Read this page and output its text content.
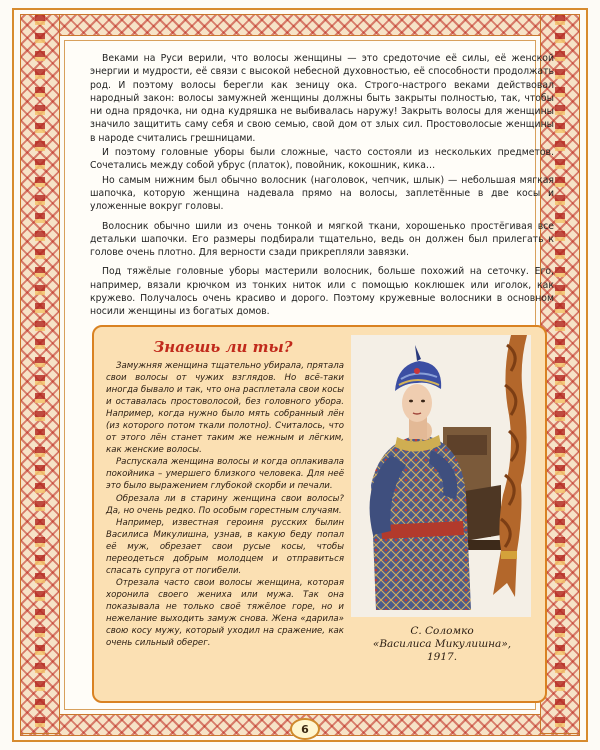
Веками на Руси верили, что волосы женщины — это средоточие её силы, её женской энергии и мудрости, её связи с высокой небесной духовностью, её способности продолжать род. И поэтому волосы берегли как зеницу ока. Строго-настрого веками действовал народный закон: волосы замужней женщины должны быть закрыты полностью, так, чтобы ни одна прядочка, ни одна кудряшка не выбивалась наружу! Закрыть волосы для женщины значило защитить саму себя и свою семью, свой дом от злых сил. Простоволосые женщины в народе считались грешницами.

И поэтому головные уборы были сложные, часто состояли из нескольких предметов. Сочетались между собой убрус (платок), повойник, кокошник, кика…

Но самым нижним был обычно волосник (наголовок, чепчик, шлык) — небольшая мягкая шапочка, которую женщина надевала прямо на волосы, заплетённые в две косы и уложенные вокруг головы.

Волосник обычно шили из очень тонкой и мягкой ткани, хорошенько простёгивая все детальки шапочки. Его размеры подбирали тщательно, ведь он должен был прилегать к голове очень плотно. Для верности сзади прикрепляли завязки.

Под тяжёлые головные уборы мастерили волосник, больше похожий на сеточку. Его, например, вязали крючком из тонких ниток или с помощью коклюшек или иголок, как кружево. Получалось очень красиво и дорого. Поэтому кружевные волосники в основном носили женщины из богатых домов.

Знаешь ли ты?

Замужняя женщина тщательно убирала, прятала свои волосы от чужих взглядов. Но всё-таки иногда бывало и так, что она расплетала свои косы и оставалась простоволосой, без головного убора. Например, когда нужно было мять собранный лён (из которого потом ткали полотно). Считалось, что от этого лён станет таким же нежным и лёгким, как женские волосы.

Распускала женщина волосы и когда оплакивала покойника – умершего близкого человека. Для неё это было выражением глубокой скорби и печали.

Обрезала ли в старину женщина свои волосы? Да, но очень редко. По особым горестным случаям.

Например, известная героиня русских былин Василиса Микулишна, узнав, в какую беду попал её муж, обрезает свои русые косы, чтобы переодеться добрым молодцем и отправиться спасать супруга от погибели.

Отрезала часто свои волосы женщина, которая хоронила своего жениха или мужа. Так она показывала не только своё тяжёлое горе, но и нежелание выходить замуж снова. Жена «дарила» свою косу мужу, который уходил на сражение, как очень сильный оберег.

С. Соломко
«Василиса Микулишна»,
1917.
6
